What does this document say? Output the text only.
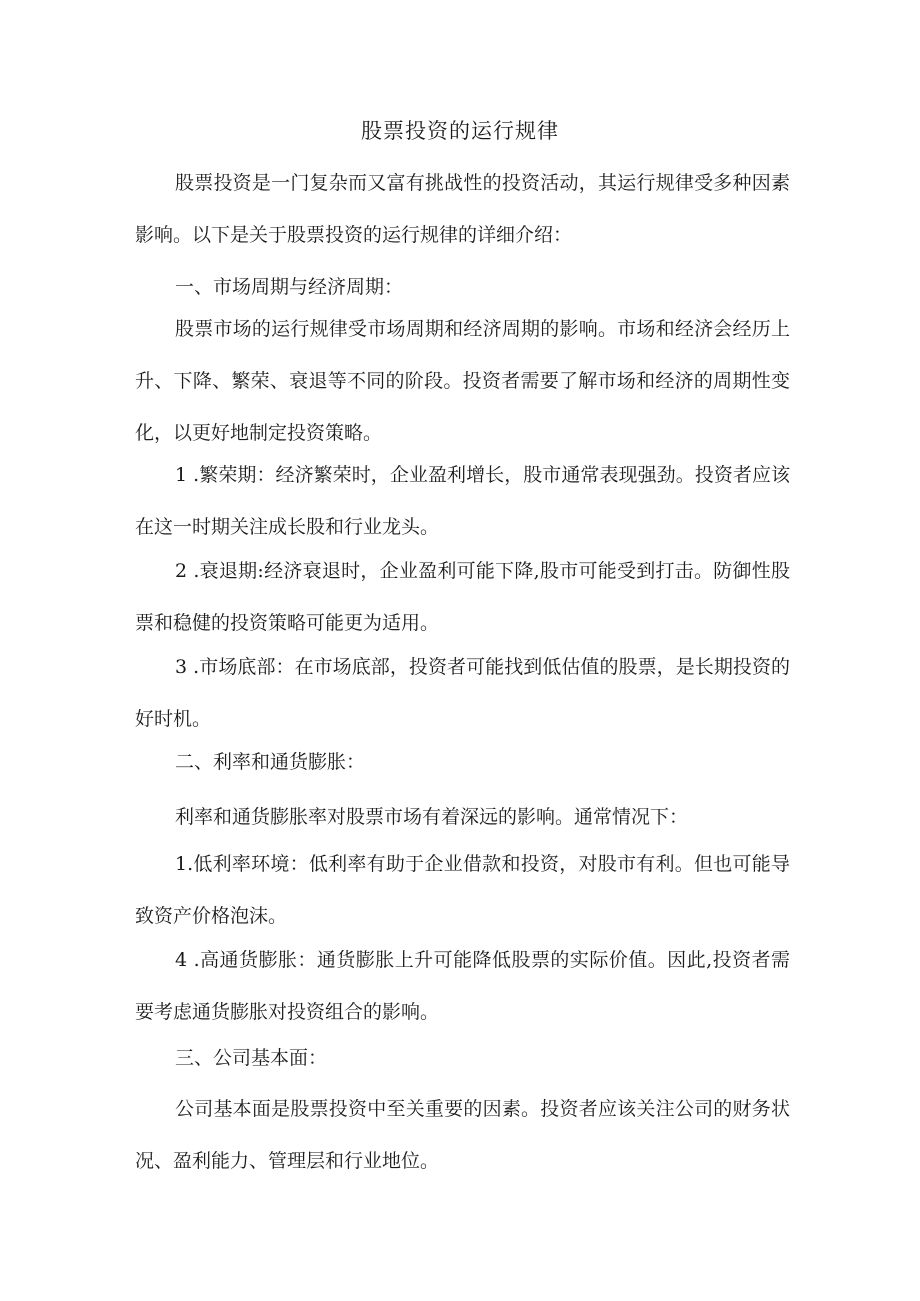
股票投资的运行规律

股票投资是一门复杂而又富有挑战性的投资活动，其运行规律受多种因素影响。以下是关于股票投资的运行规律的详细介绍：

一、市场周期与经济周期：

股票市场的运行规律受市场周期和经济周期的影响。市场和经济会经历上升、下降、繁荣、衰退等不同的阶段。投资者需要了解市场和经济的周期性变化，以更好地制定投资策略。

1 .繁荣期：经济繁荣时，企业盈利增长，股市通常表现强劲。投资者应该在这一时期关注成长股和行业龙头。

2 .衰退期:经济衰退时，企业盈利可能下降,股市可能受到打击。防御性股票和稳健的投资策略可能更为适用。

3 .市场底部：在市场底部，投资者可能找到低估值的股票，是长期投资的好时机。

二、利率和通货膨胀：

利率和通货膨胀率对股票市场有着深远的影响。通常情况下：

1.低利率环境：低利率有助于企业借款和投资，对股市有利。但也可能导致资产价格泡沫。

4 .高通货膨胀：通货膨胀上升可能降低股票的实际价值。因此,投资者需要考虑通货膨胀对投资组合的影响。

三、公司基本面：

公司基本面是股票投资中至关重要的因素。投资者应该关注公司的财务状况、盈利能力、管理层和行业地位。
